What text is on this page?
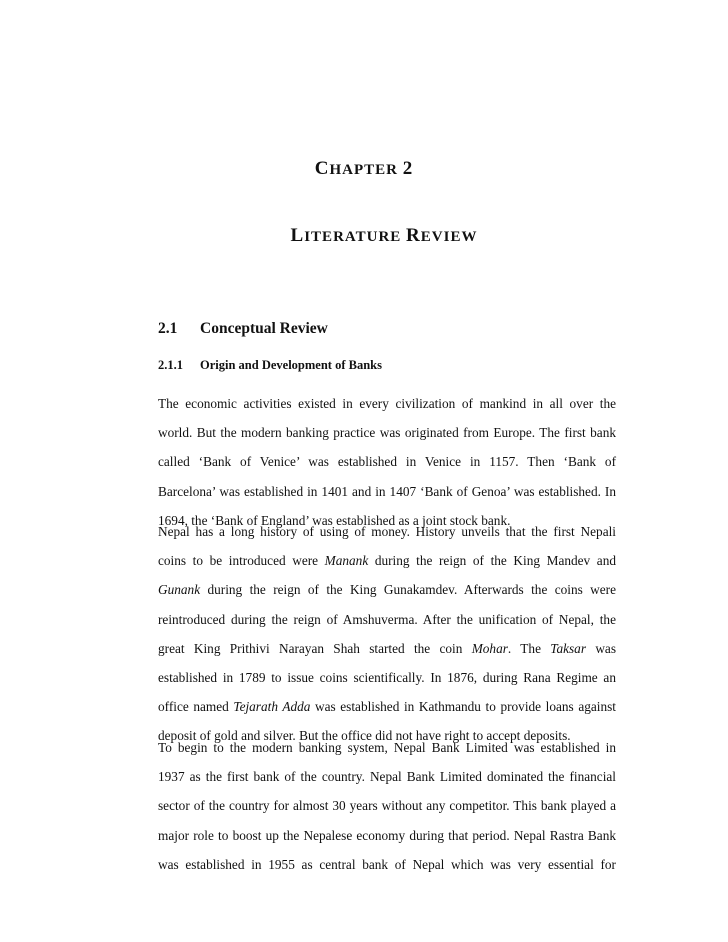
CHAPTER 2
LITERATURE REVIEW
2.1 Conceptual Review
2.1.1 Origin and Development of Banks
The economic activities existed in every civilization of mankind in all over the
world. But the modern banking practice was originated from Europe. The first bank
called ‘Bank of Venice’ was established in Venice in 1157. Then ‘Bank of
Barcelona’ was established in 1401 and in 1407 ‘Bank of Genoa’ was established. In
1694, the ‘Bank of England’ was established as a joint stock bank.
Nepal has a long history of using of money. History unveils that the first Nepali
coins to be introduced were Manank during the reign of the King Mandev and
Gunank during the reign of the King Gunakamdev. Afterwards the coins were
reintroduced during the reign of Amshuverma. After the unification of Nepal, the
great King Prithivi Narayan Shah started the coin Mohar. The Taksar was
established in 1789 to issue coins scientifically. In 1876, during Rana Regime an
office named Tejarath Adda was established in Kathmandu to provide loans against
deposit of gold and silver. But the office did not have right to accept deposits.
To begin to the modern banking system, Nepal Bank Limited was established in
1937 as the first bank of the country. Nepal Bank Limited dominated the financial
sector of the country for almost 30 years without any competitor. This bank played a
major role to boost up the Nepalese economy during that period. Nepal Rastra Bank
was established in 1955 as central bank of Nepal which was very essential for
